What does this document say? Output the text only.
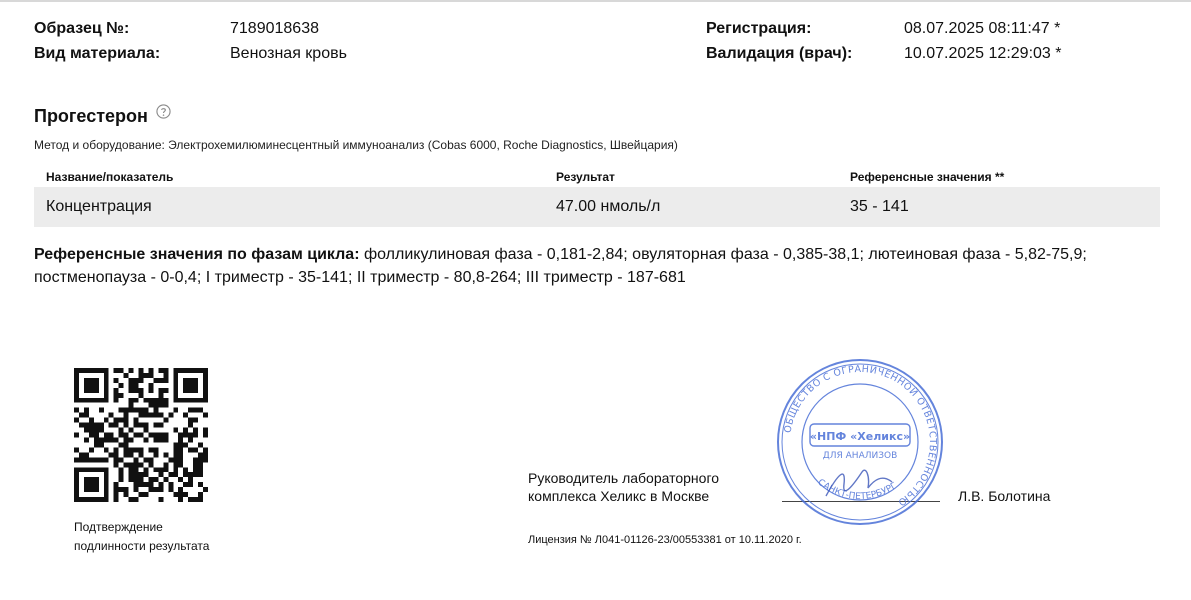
Образец №:	7189018638
Вид материала:	Венозная кровь
Регистрация:	08.07.2025 08:11:47 *
Валидация (врач):	10.07.2025 12:29:03 *
Прогестерон
Метод и оборудование: Электрохемилюминесцентный иммуноанализ (Cobas 6000, Roche Diagnostics, Швейцария)
Название/показатель	Результат	Референсные значения **
Концентрация	47.00 нмоль/л	35 - 141
Референсные значения по фазам цикла: фолликулиновая фаза - 0,181-2,84; овуляторная фаза - 0,385-38,1; лютеиновая фаза - 5,82-75,9; постменопауза - 0-0,4; I триместр - 35-141; II триместр - 80,8-264; III триместр - 187-681
Подтверждение
подлинности результата
Руководитель лабораторного
комплекса Хеликс в Москве	Л.В. Болотина
Лицензия № Л041-01126-23/00553381 от 10.11.2020 г.
ОБЩЕСТВО С ОГРАНИЧЕННОЙ ОТВЕТСТВЕННОСТЬЮ
«НПФ «Хеликс»
ДЛЯ АНАЛИЗОВ
САНКТ-ПЕТЕРБУРГ
